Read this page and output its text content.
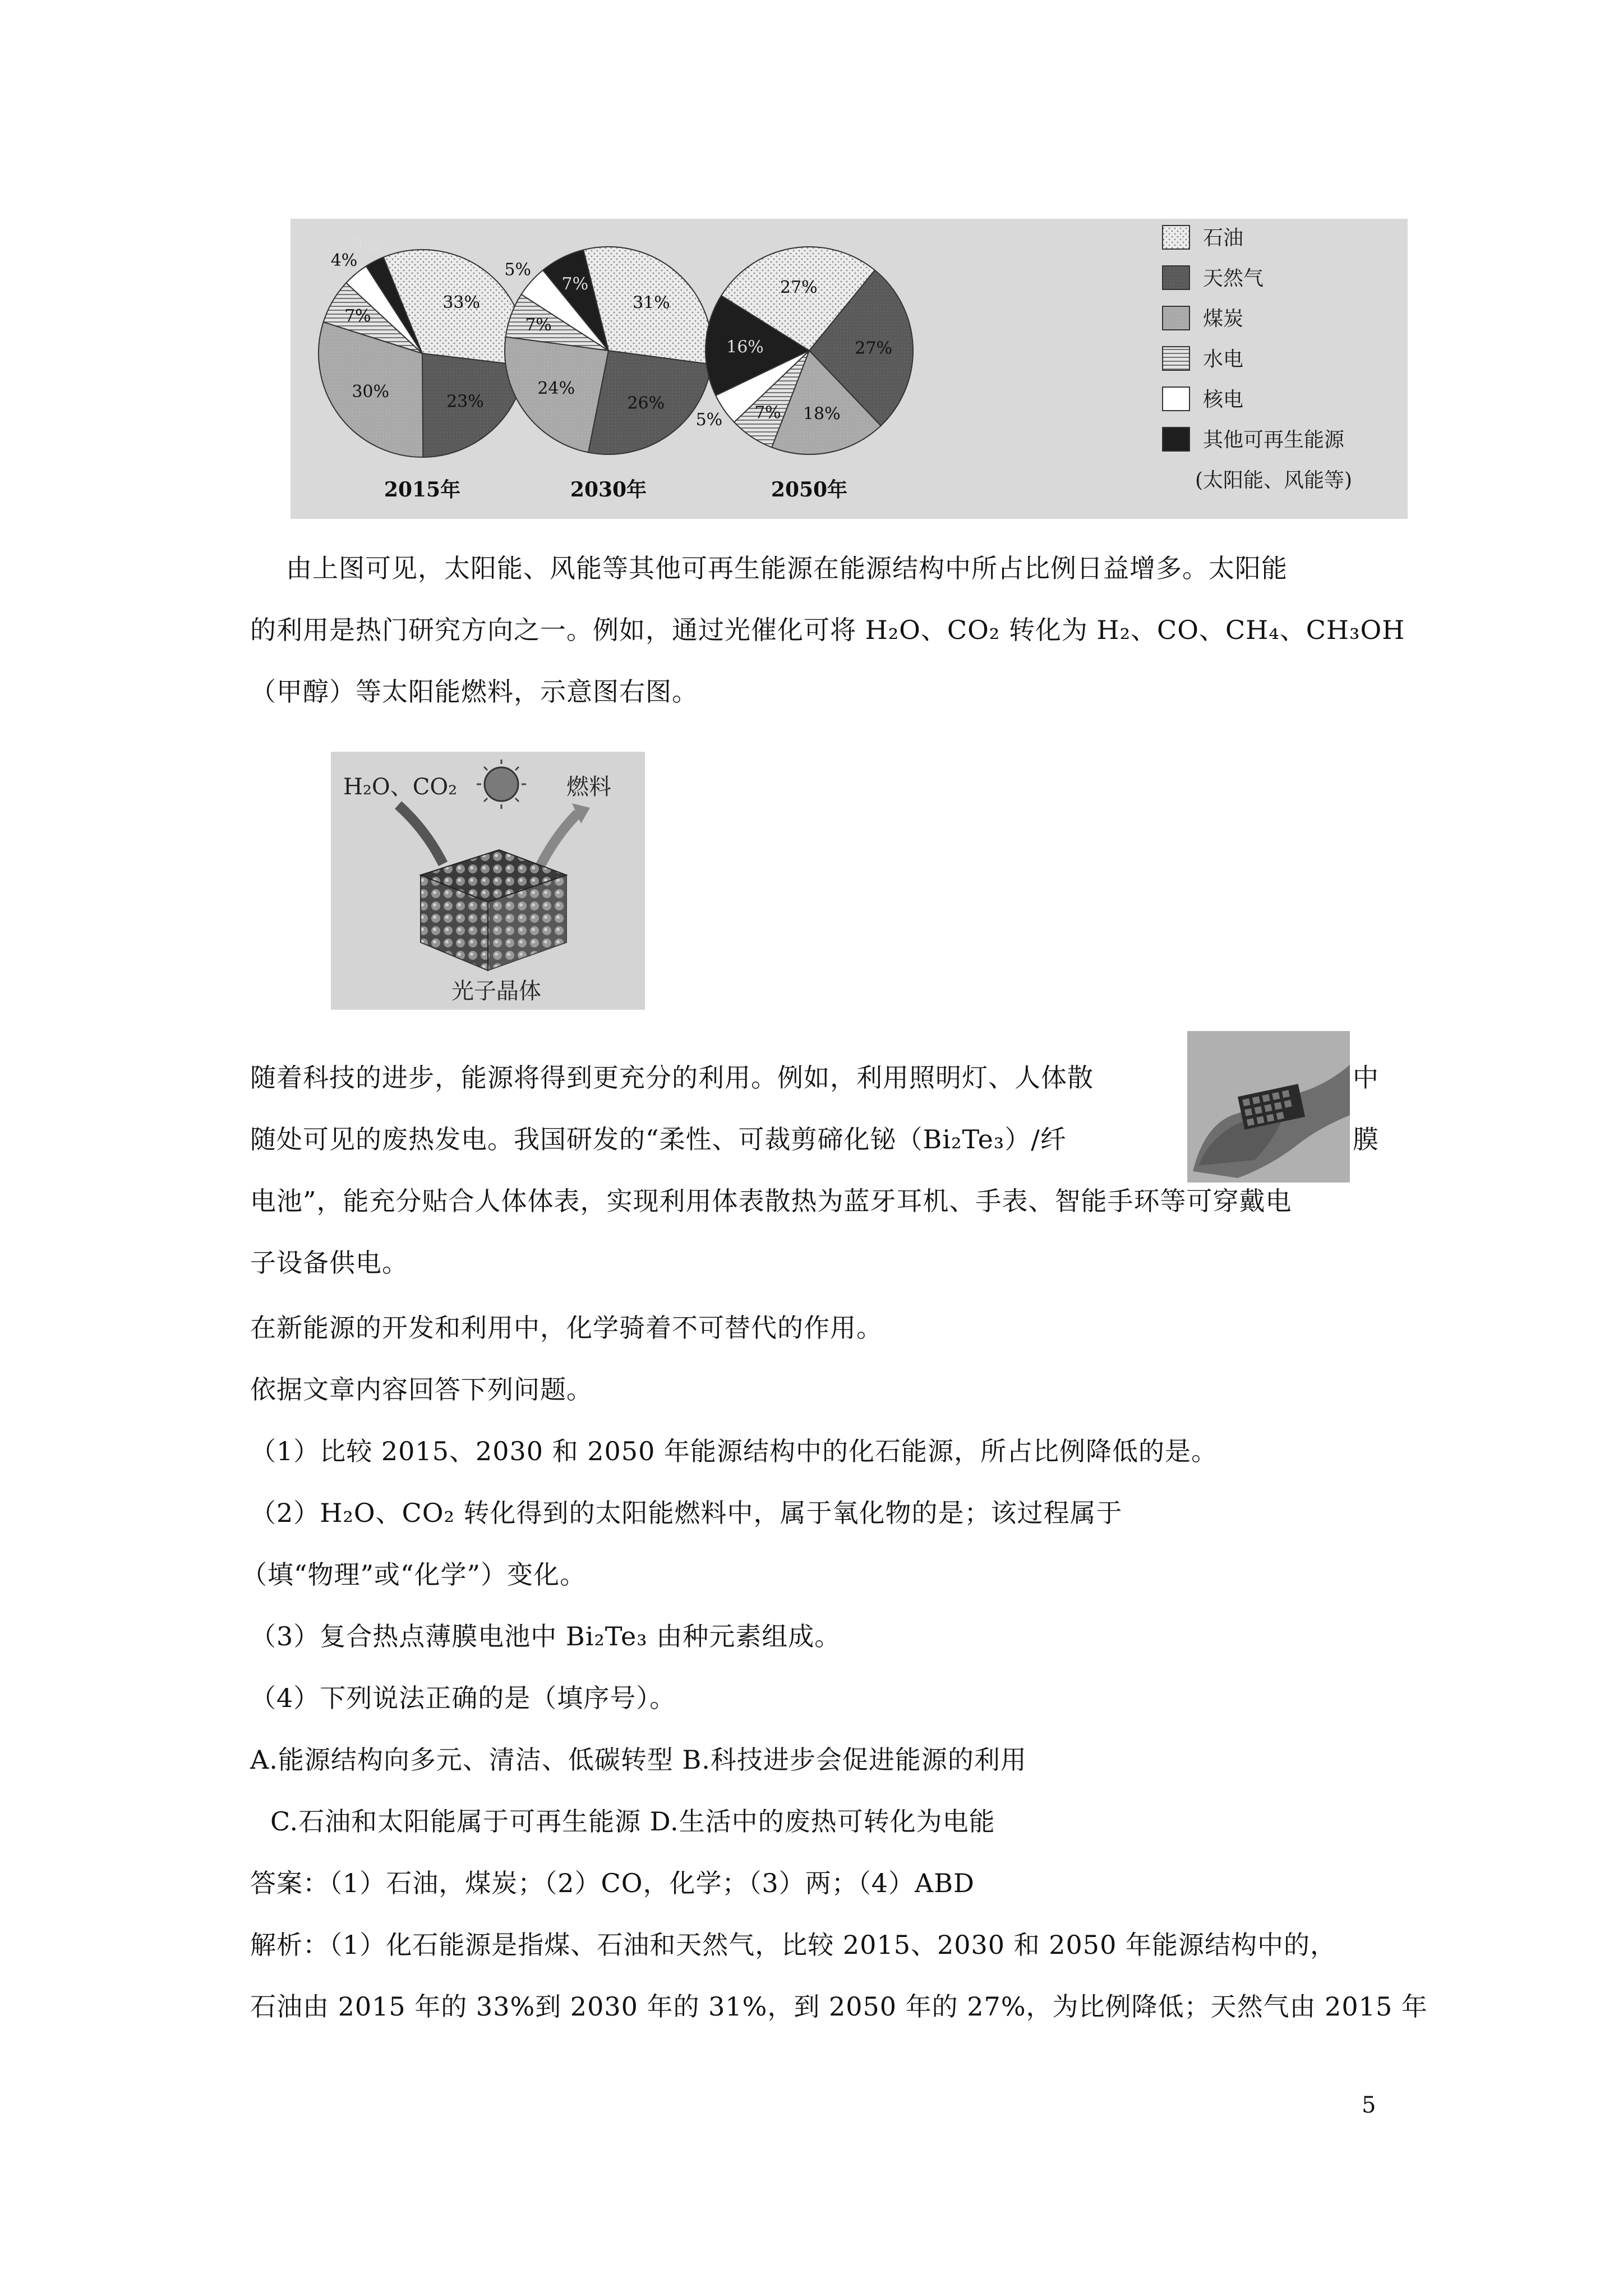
33%
23%
30%
7%
4%
3%
2015年
31%
26%
24%
7%
5%
7%
2030年
27%
27%
18%
7%
5%
16%
2050年
石油
天然气
煤炭
水电
核电
其他可再生能源
(太阳能、风能等)
由上图可见，太阳能、风能等其他可再生能源在能源结构中所占比例日益增多。太阳能
的利用是热门研究方向之一。例如，通过光催化可将 H₂O、CO₂ 转化为 H₂、CO、CH₄、CH₃OH
（甲醇）等太阳能燃料，示意图右图。
H₂O、CO₂	燃料
光子晶体
随着科技的进步，能源将得到更充分的利用。例如，利用照明灯、人体散	中
随处可见的废热发电。我国研发的“柔性、可裁剪碲化铋（Bi₂Te₃）/纤	膜
电池”，能充分贴合人体体表，实现利用体表散热为蓝牙耳机、手表、智能手环等可穿戴电
子设备供电。
在新能源的开发和利用中，化学骑着不可替代的作用。
依据文章内容回答下列问题。
（1）比较 2015、2030 和 2050 年能源结构中的化石能源，所占比例降低的是。
（2）H₂O、CO₂ 转化得到的太阳能燃料中，属于氧化物的是；该过程属于
（填“物理”或“化学”）变化。
（3）复合热点薄膜电池中 Bi₂Te₃ 由种元素组成。
（4）下列说法正确的是（填序号）。
A.能源结构向多元、清洁、低碳转型 B.科技进步会促进能源的利用
C.石油和太阳能属于可再生能源 D.生活中的废热可转化为电能
答案：（1）石油，煤炭；（2）CO，化学；（3）两；（4）ABD
解析：（1）化石能源是指煤、石油和天然气，比较 2015、2030 和 2050 年能源结构中的，
石油由 2015 年的 33%到 2030 年的 31%，到 2050 年的 27%，为比例降低；天然气由 2015 年
5
